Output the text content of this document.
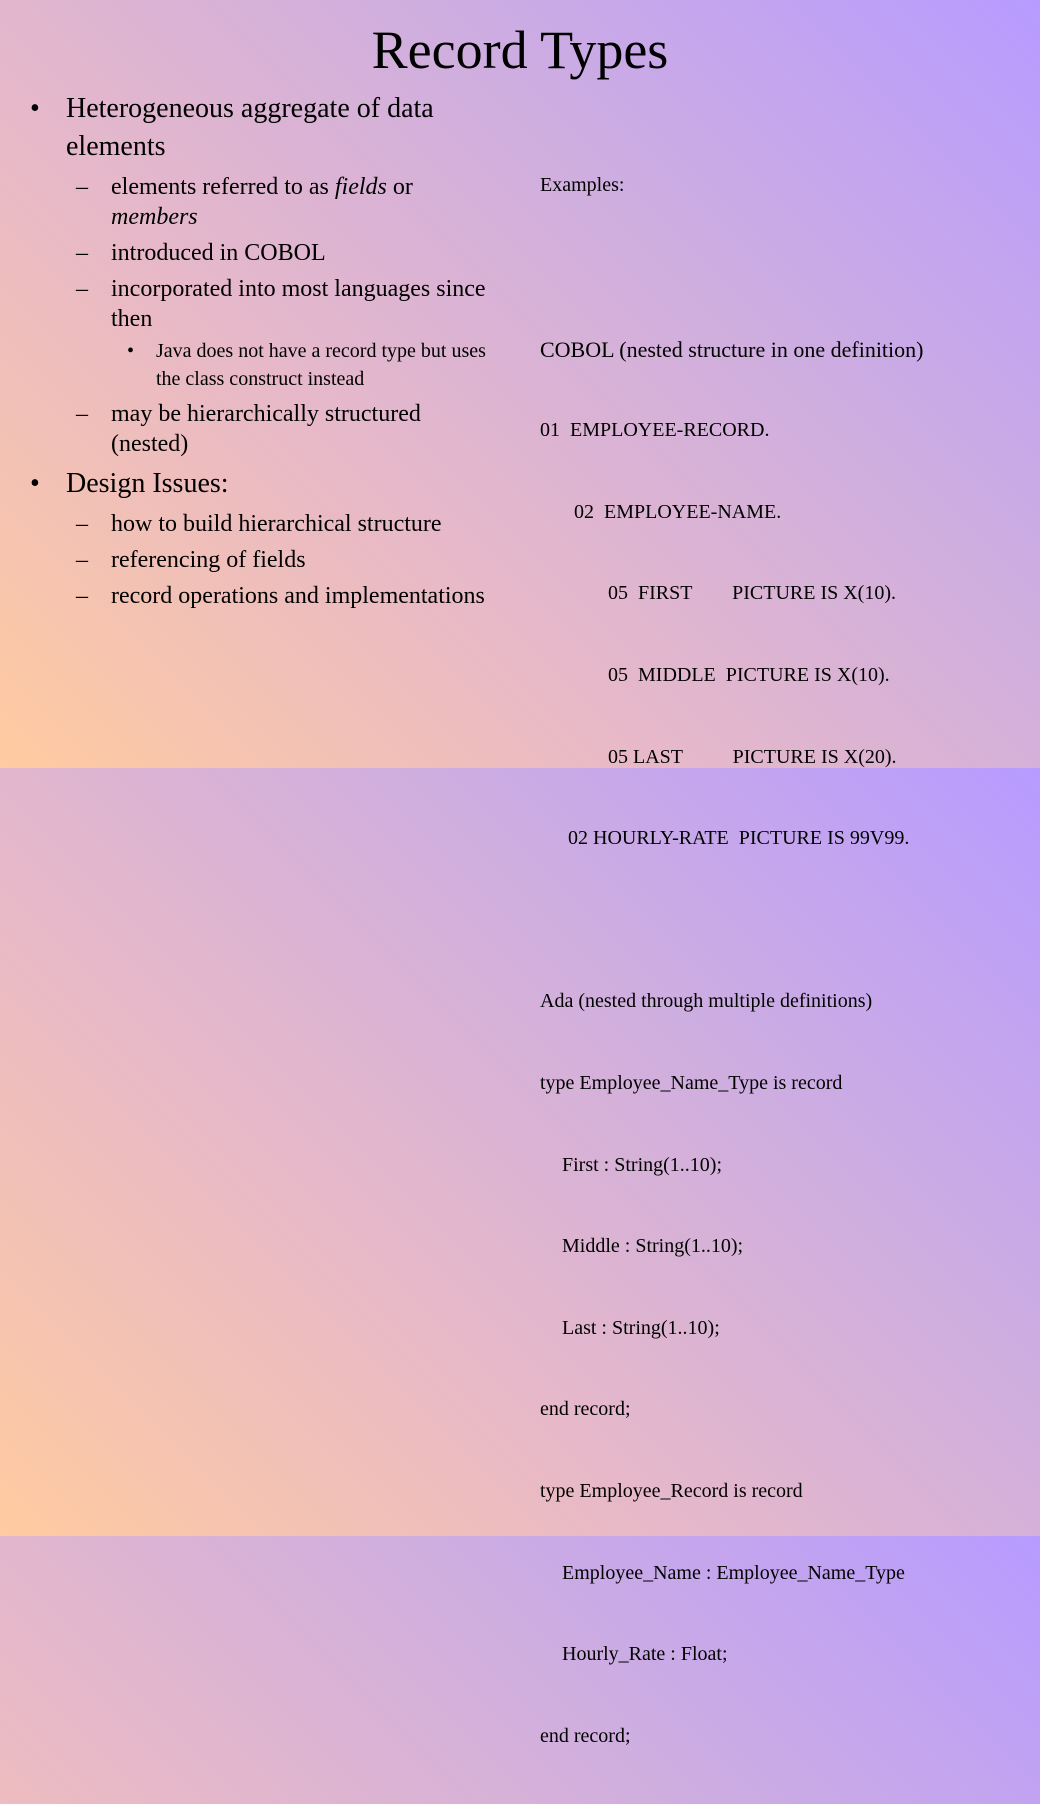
Record Types
• Heterogeneous aggregate of data elements
– elements referred to as fields or members
– introduced in COBOL
– incorporated into most languages since then
• Java does not have a record type but uses the class construct instead
– may be hierarchically structured (nested)
• Design Issues:
– how to build hierarchical structure
– referencing of fields
– record operations and implementations

Examples:

COBOL (nested structure in one definition)

01  EMPLOYEE-RECORD.

02  EMPLOYEE-NAME.

05  FIRST        PICTURE IS X(10).

05  MIDDLE  PICTURE IS X(10).

05 LAST          PICTURE IS X(20).

02 HOURLY-RATE  PICTURE IS 99V99.

Ada (nested through multiple definitions)

type Employee_Name_Type is record

First : String(1..10);

Middle : String(1..10);

Last : String(1..10);

end record;

type Employee_Record is record

Employee_Name : Employee_Name_Type

Hourly_Rate : Float;

end record;
